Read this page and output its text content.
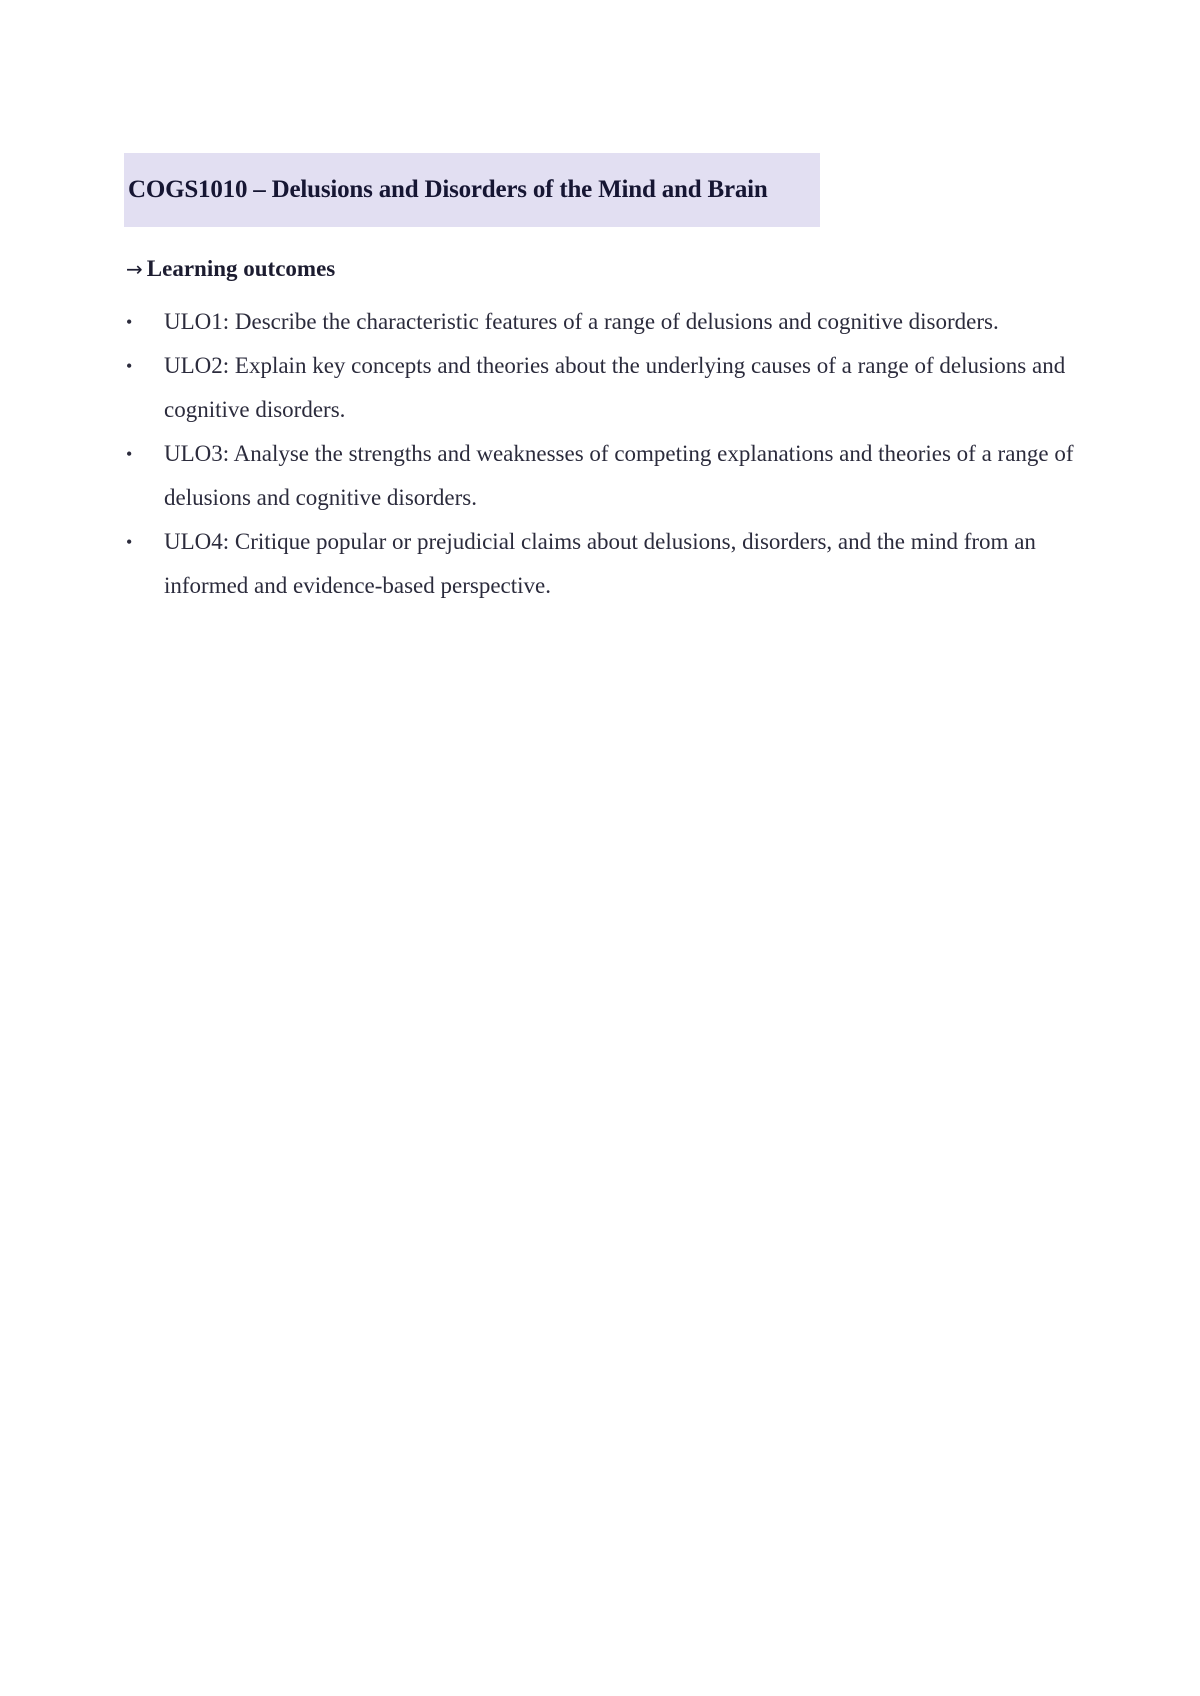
COGS1010 – Delusions and Disorders of the Mind and Brain
→ Learning outcomes
• ULO1: Describe the characteristic features of a range of delusions and cognitive disorders.
• ULO2: Explain key concepts and theories about the underlying causes of a range of delusions and cognitive disorders.
• ULO3: Analyse the strengths and weaknesses of competing explanations and theories of a range of delusions and cognitive disorders.
• ULO4: Critique popular or prejudicial claims about delusions, disorders, and the mind from an informed and evidence-based perspective.
